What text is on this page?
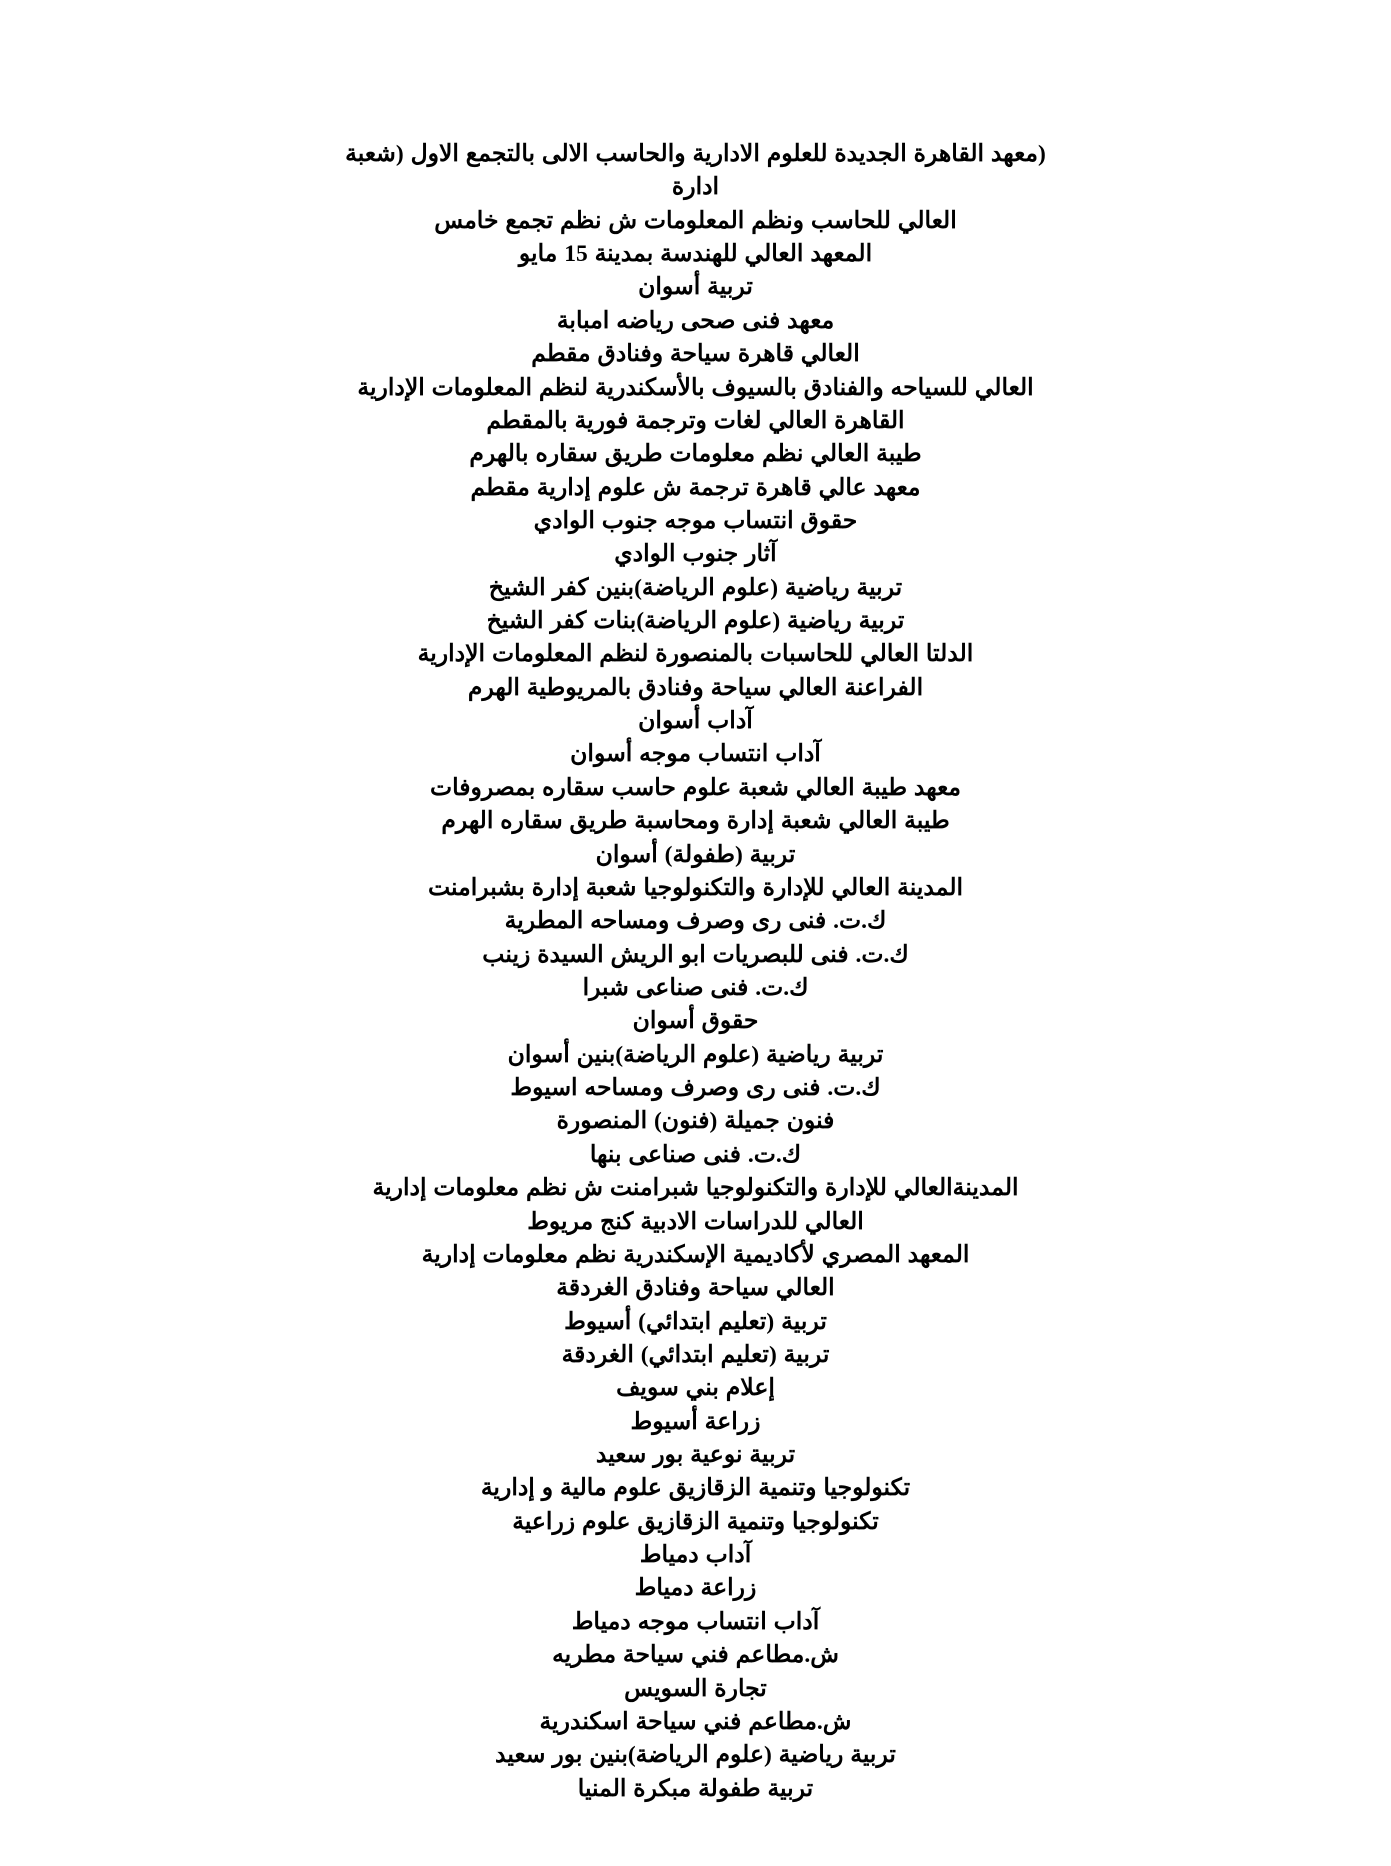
(معهد القاهرة الجديدة للعلوم الادارية والحاسب الالى بالتجمع الاول (شعبة ادارة

العالي للحاسب ونظم المعلومات ش نظم تجمع خامس

المعهد العالي للهندسة بمدينة 15 مايو

تربية أسوان

معهد فنى صحى رياضه امبابة

العالي قاهرة سياحة وفنادق مقطم

العالي للسياحه والفنادق بالسيوف بالأسكندرية لنظم المعلومات الإدارية

القاهرة العالي لغات وترجمة فورية بالمقطم

طيبة العالي نظم معلومات طريق سقاره بالهرم

معهد عالي قاهرة ترجمة ش علوم إدارية مقطم

حقوق انتساب موجه جنوب الوادي

آثار جنوب الوادي

تربية رياضية (علوم الرياضة)بنين كفر الشيخ

تربية رياضية (علوم الرياضة)بنات كفر الشيخ

الدلتا العالي للحاسبات بالمنصورة لنظم المعلومات الإدارية

الفراعنة العالي سياحة وفنادق بالمريوطية الهرم

آداب أسوان

آداب انتساب موجه أسوان

معهد طيبة العالي شعبة علوم حاسب سقاره بمصروفات

طيبة العالي شعبة إدارة ومحاسبة طريق سقاره الهرم

تربية (طفولة) أسوان

المدينة العالي للإدارة والتكنولوجيا شعبة إدارة بشبرامنت

ك.ت. فنى رى وصرف ومساحه المطرية

ك.ت. فنى للبصريات ابو الريش السيدة زينب

ك.ت. فنى صناعى شبرا

حقوق أسوان

تربية رياضية (علوم الرياضة)بنين أسوان

ك.ت. فنى رى وصرف ومساحه اسيوط

فنون جميلة (فنون) المنصورة

ك.ت. فنى صناعى بنها

المدينةالعالي للإدارة والتكنولوجيا شبرامنت ش نظم معلومات إدارية

العالي للدراسات الادبية كنج مريوط

المعهد المصري لأكاديمية الإسكندرية نظم معلومات إدارية

العالي سياحة وفنادق الغردقة

تربية (تعليم ابتدائي) أسيوط

تربية (تعليم ابتدائي) الغردقة

إعلام بني سويف

زراعة أسيوط

تربية نوعية بور سعيد

تكنولوجيا وتنمية الزقازيق علوم مالية و إدارية

تكنولوجيا وتنمية الزقازيق علوم زراعية

آداب دمياط

زراعة دمياط

آداب انتساب موجه دمياط

ش.مطاعم فني سياحة مطريه

تجارة السويس

ش.مطاعم فني سياحة اسكندرية

تربية رياضية (علوم الرياضة)بنين بور سعيد

تربية طفولة مبكرة المنيا
